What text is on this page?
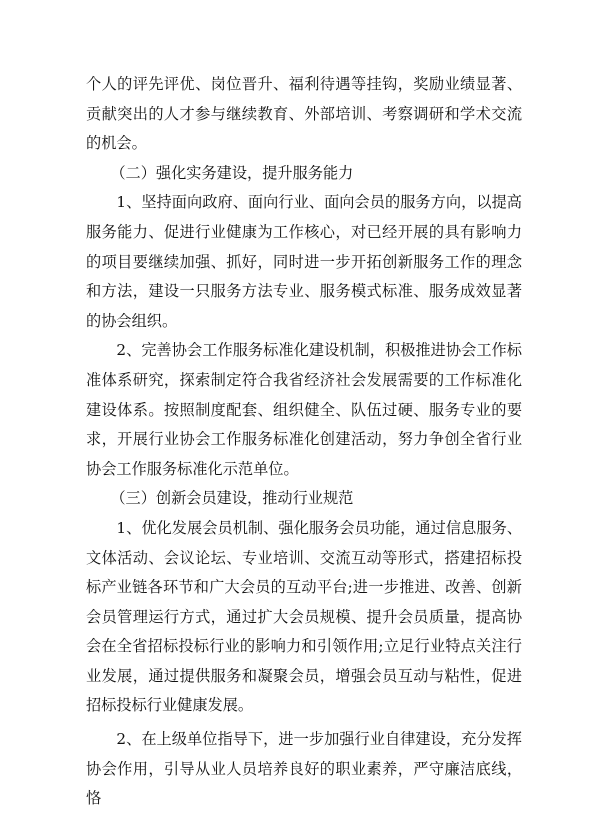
个人的评先评优、岗位晋升、福利待遇等挂钩，奖励业绩显著、贡献突出的人才参与继续教育、外部培训、考察调研和学术交流的机会。

（二）强化实务建设，提升服务能力

1、坚持面向政府、面向行业、面向会员的服务方向，以提高服务能力、促进行业健康为工作核心，对已经开展的具有影响力的项目要继续加强、抓好，同时进一步开拓创新服务工作的理念和方法，建设一只服务方法专业、服务模式标准、服务成效显著的协会组织。

2、完善协会工作服务标准化建设机制，积极推进协会工作标准体系研究，探索制定符合我省经济社会发展需要的工作标准化建设体系。按照制度配套、组织健全、队伍过硬、服务专业的要求，开展行业协会工作服务标准化创建活动，努力争创全省行业协会工作服务标准化示范单位。

（三）创新会员建设，推动行业规范

1、优化发展会员机制、强化服务会员功能，通过信息服务、文体活动、会议论坛、专业培训、交流互动等形式，搭建招标投标产业链各环节和广大会员的互动平台;进一步推进、改善、创新会员管理运行方式，通过扩大会员规模、提升会员质量，提高协会在全省招标投标行业的影响力和引领作用;立足行业特点关注行业发展，通过提供服务和凝聚会员，增强会员互动与粘性，促进招标投标行业健康发展。

2、在上级单位指导下，进一步加强行业自律建设，充分发挥协会作用，引导从业人员培养良好的职业素养，严守廉洁底线，恪
